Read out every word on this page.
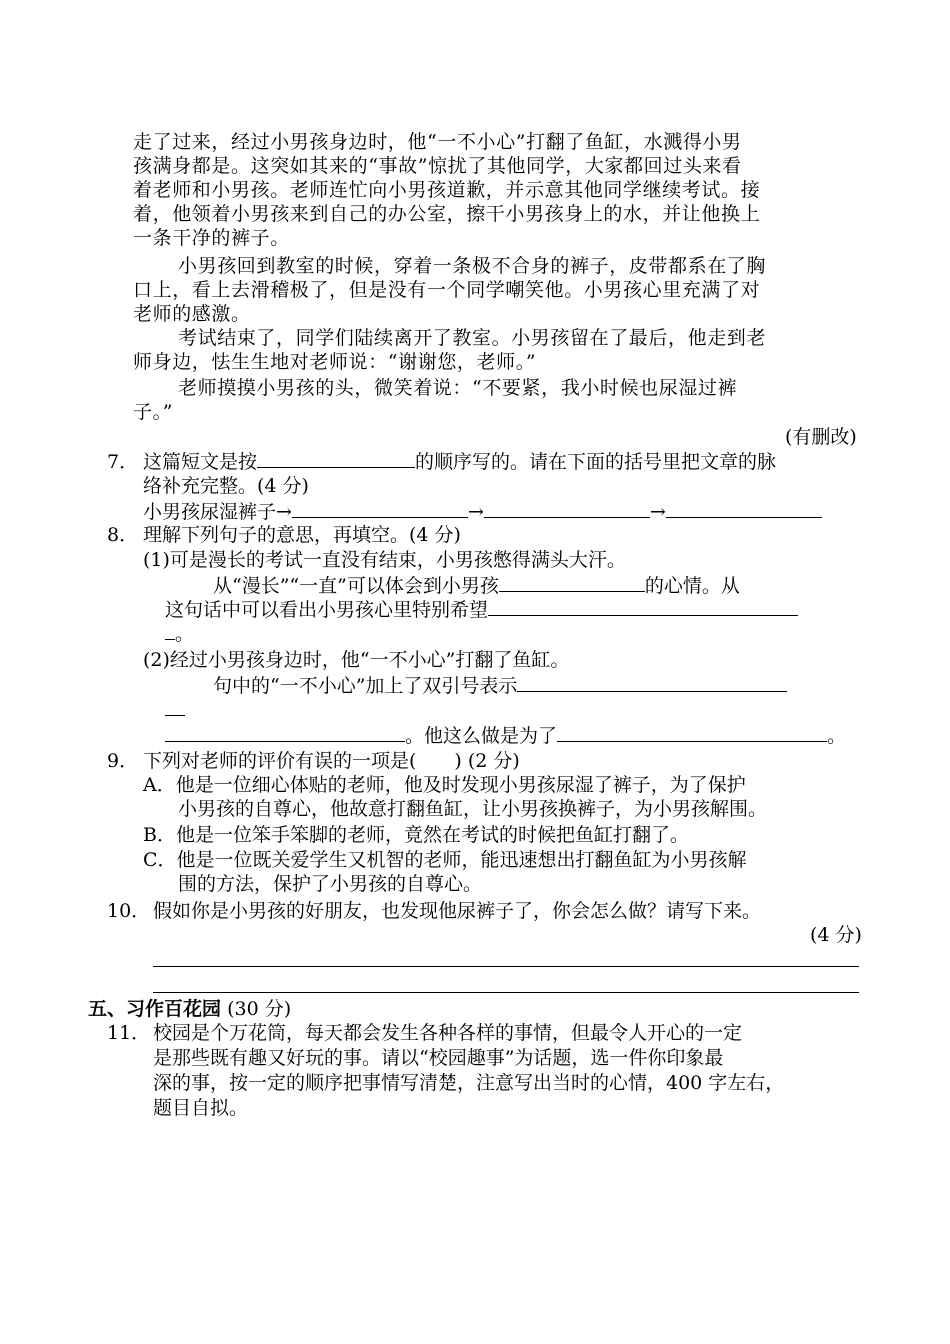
走了过来，经过小男孩身边时，他“一不小心”打翻了鱼缸，水溅得小男
孩满身都是。这突如其来的“事故”惊扰了其他同学，大家都回过头来看
着老师和小男孩。老师连忙向小男孩道歉，并示意其他同学继续考试。接
着，他领着小男孩来到自己的办公室，擦干小男孩身上的水，并让他换上
一条干净的裤子。
小男孩回到教室的时候，穿着一条极不合身的裤子，皮带都系在了胸
口上，看上去滑稽极了，但是没有一个同学嘲笑他。小男孩心里充满了对
老师的感激。
考试结束了，同学们陆续离开了教室。小男孩留在了最后，他走到老
师身边，怯生生地对老师说：“谢谢您，老师。”
老师摸摸小男孩的头，微笑着说：“不要紧，我小时候也尿湿过裤
子。”
(有删改)
7． 这篇短文是按	的顺序写的。请在下面的括号里把文章的脉
络补充完整。(4 分)
小男孩尿湿裤子→	→	→
8． 理解下列句子的意思，再填空。(4 分)
(1)可是漫长的考试一直没有结束，小男孩憋得满头大汗。
从“漫长”“一直”可以体会到小男孩	的心情。从
这句话中可以看出小男孩心里特别希望
。
(2)经过小男孩身边时，他“一不小心”打翻了鱼缸。
句中的“一不小心”加上了双引号表示
。他这么做是为了	。
9． 下列对老师的评价有误的一项是( ) (2 分)
A．他是一位细心体贴的老师，他及时发现小男孩尿湿了裤子，为了保护
小男孩的自尊心，他故意打翻鱼缸，让小男孩换裤子，为小男孩解围。
B．他是一位笨手笨脚的老师，竟然在考试的时候把鱼缸打翻了。
C．他是一位既关爱学生又机智的老师，能迅速想出打翻鱼缸为小男孩解
围的方法，保护了小男孩的自尊心。
10． 假如你是小男孩的好朋友，也发现他尿裤子了，你会怎么做？请写下来。
(4 分)
五、习作百花园 (30 分)
11． 校园是个万花筒，每天都会发生各种各样的事情，但最令人开心的一定
是那些既有趣又好玩的事。请以“校园趣事”为话题，选一件你印象最
深的事，按一定的顺序把事情写清楚，注意写出当时的心情，400 字左右，
题目自拟。
